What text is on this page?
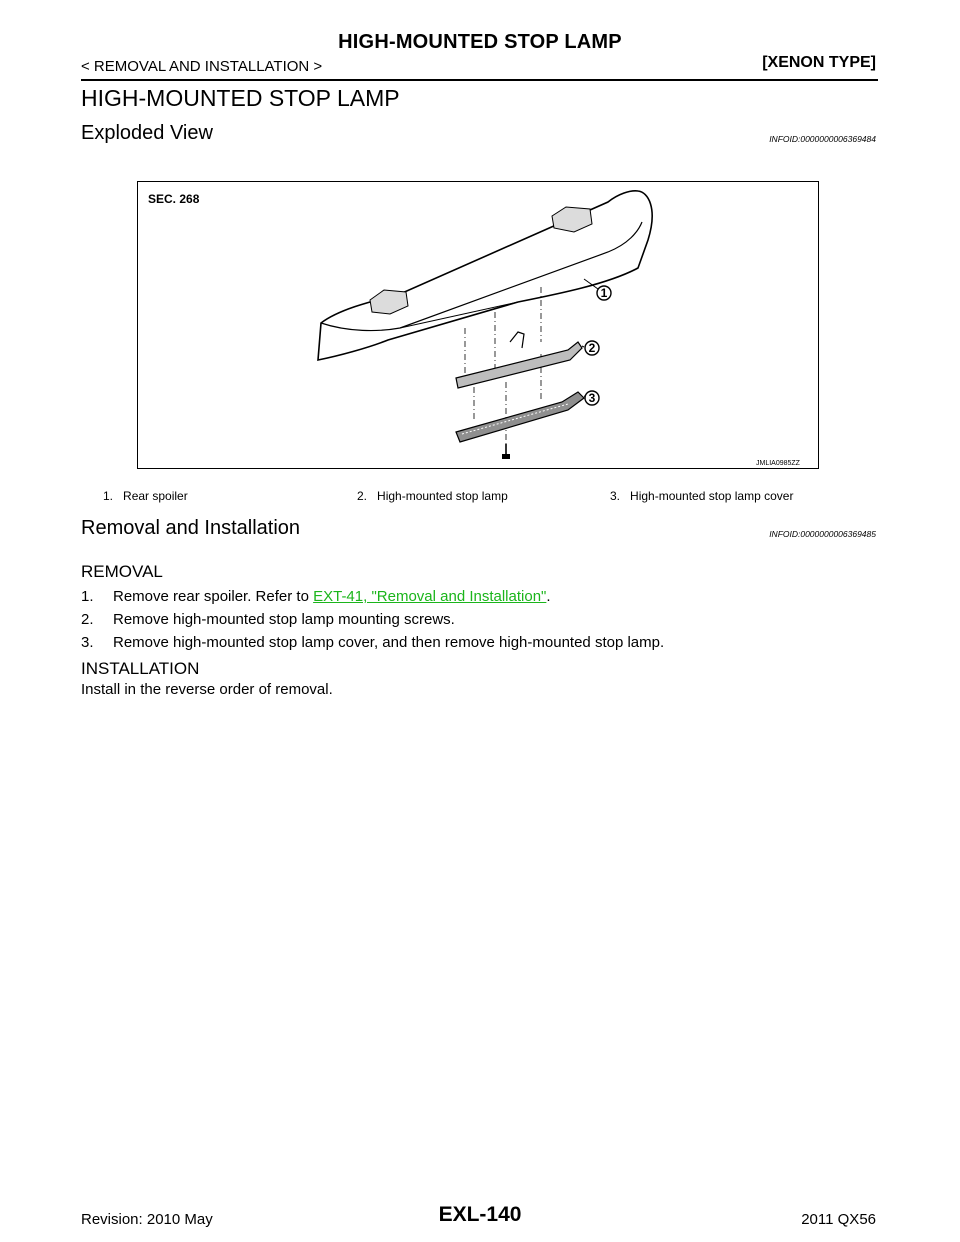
HIGH-MOUNTED STOP LAMP
< REMOVAL AND INSTALLATION >	[XENON TYPE]
HIGH-MOUNTED STOP LAMP
Exploded View	INFOID:0000000006369484
1
2
3
SEC. 268
JMLIA0985ZZ
1. Rear spoiler	2. High-mounted stop lamp	3. High-mounted stop lamp cover
Removal and Installation	INFOID:0000000006369485
REMOVAL
1. Remove rear spoiler. Refer to EXT-41, "Removal and Installation".
2. Remove high-mounted stop lamp mounting screws.
3. Remove high-mounted stop lamp cover, and then remove high-mounted stop lamp.
INSTALLATION
Install in the reverse order of removal.
Revision: 2010 May	EXL-140	2011 QX56
